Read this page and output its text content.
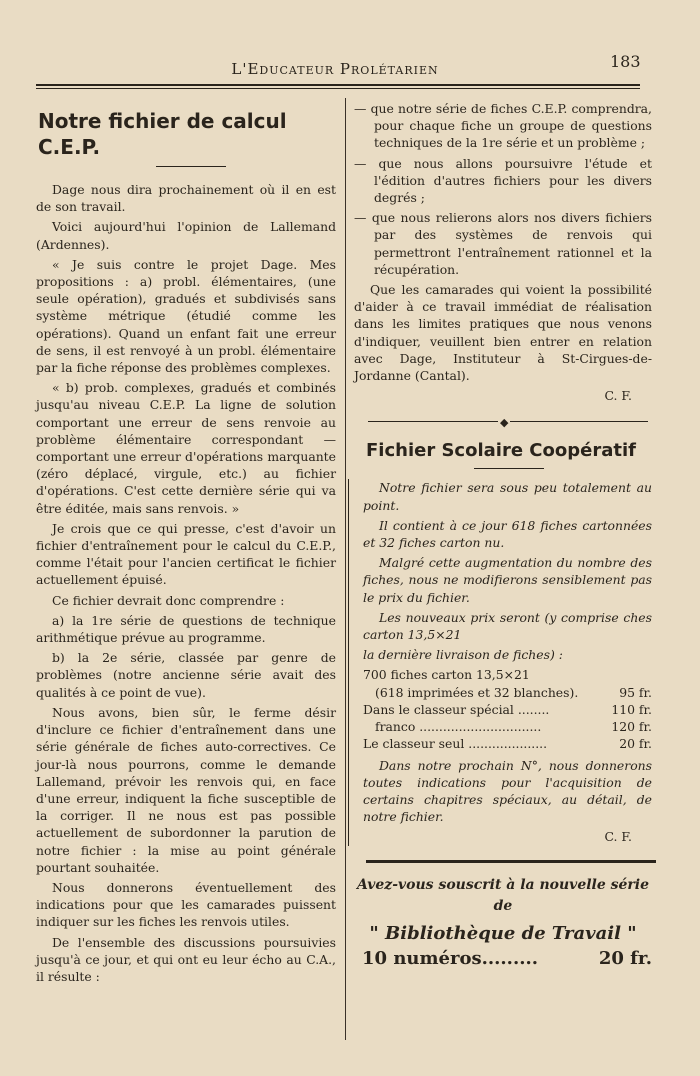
L'Educateur Prolétarien	183
Notre fichier de calcul C.E.P.

Dage nous dira prochainement où il en est de son travail.

Voici aujourd'hui l'opinion de Lallemand (Ardennes).

« Je suis contre le projet Dage. Mes propositions : a) probl. élémentaires, (une seule opération), gradués et subdivisés sans système métrique (étudié comme les opérations). Quand un enfant fait une erreur de sens, il est renvoyé à un probl. élémentaire par la fiche réponse des problèmes complexes.

« b) prob. complexes, gradués et combinés jusqu'au niveau C.E.P. La ligne de solution comportant une erreur de sens renvoie au problème élémentaire correspondant — comportant une erreur d'opérations marquante (zéro déplacé, virgule, etc.) au fichier d'opérations. C'est cette dernière série qui va être éditée, mais sans renvois. »

Je crois que ce qui presse, c'est d'avoir un fichier d'entraînement pour le calcul du C.E.P., comme l'était pour l'ancien certificat le fichier actuellement épuisé.

Ce fichier devrait donc comprendre :

a) la 1re série de questions de technique arithmétique prévue au programme.

b) la 2e série, classée par genre de problèmes (notre ancienne série avait des qualités à ce point de vue).

Nous avons, bien sûr, le ferme désir d'inclure ce fichier d'entraînement dans une série générale de fiches auto-correctives. Ce jour-là nous pourrons, comme le demande Lallemand, prévoir les renvois qui, en face d'une erreur, indiquent la fiche susceptible de la corriger. Il ne nous est pas possible actuellement de subordonner la parution de notre fichier : la mise au point générale pourtant souhaitée.

Nous donnerons éventuellement des indications pour que les camarades puissent indiquer sur les fiches les renvois utiles.

De l'ensemble des discussions poursuivies jusqu'à ce jour, et qui ont eu leur écho au C.A., il résulte :

— que notre série de fiches C.E.P. comprendra, pour chaque fiche un groupe de questions techniques de la 1re série et un problème ;
— que nous allons poursuivre l'étude et l'édition d'autres fichiers pour les divers degrés ;
— que nous relierons alors nos divers fichiers par des systèmes de renvois qui permettront l'entraînement rationnel et la récupération.

Que les camarades qui voient la possibilité d'aider à ce travail immédiat de réalisation dans les limites pratiques que nous venons d'indiquer, veuillent bien entrer en relation avec Dage, Instituteur à St-Cirgues-de-Jordanne (Cantal).

C. F.
◆
Fichier Scolaire Coopératif

Notre fichier sera sous peu totalement au point.

Il contient à ce jour 618 fiches cartonnées et 32 fiches carton nu.

Malgré cette augmentation du nombre des fiches, nous ne modifierons sensiblement pas le prix du fichier.

Les nouveaux prix seront (y comprise ches carton 13,5×21

la dernière livraison de fiches) :

700 fiches carton 13,5×21
(618 imprimées et 32 blanches).	95 fr.
Dans le classeur spécial ........	110 fr.
franco ...............................	120 fr.
Le classeur seul ....................	20 fr.

Dans notre prochain N°, nous donnerons toutes indications pour l'acquisition de certains chapitres spéciaux, au détail, de notre fichier.

C. F.
Avez-vous souscrit à la nouvelle série
de
" Bibliothèque de Travail "
10 numéros.........	20 fr.
